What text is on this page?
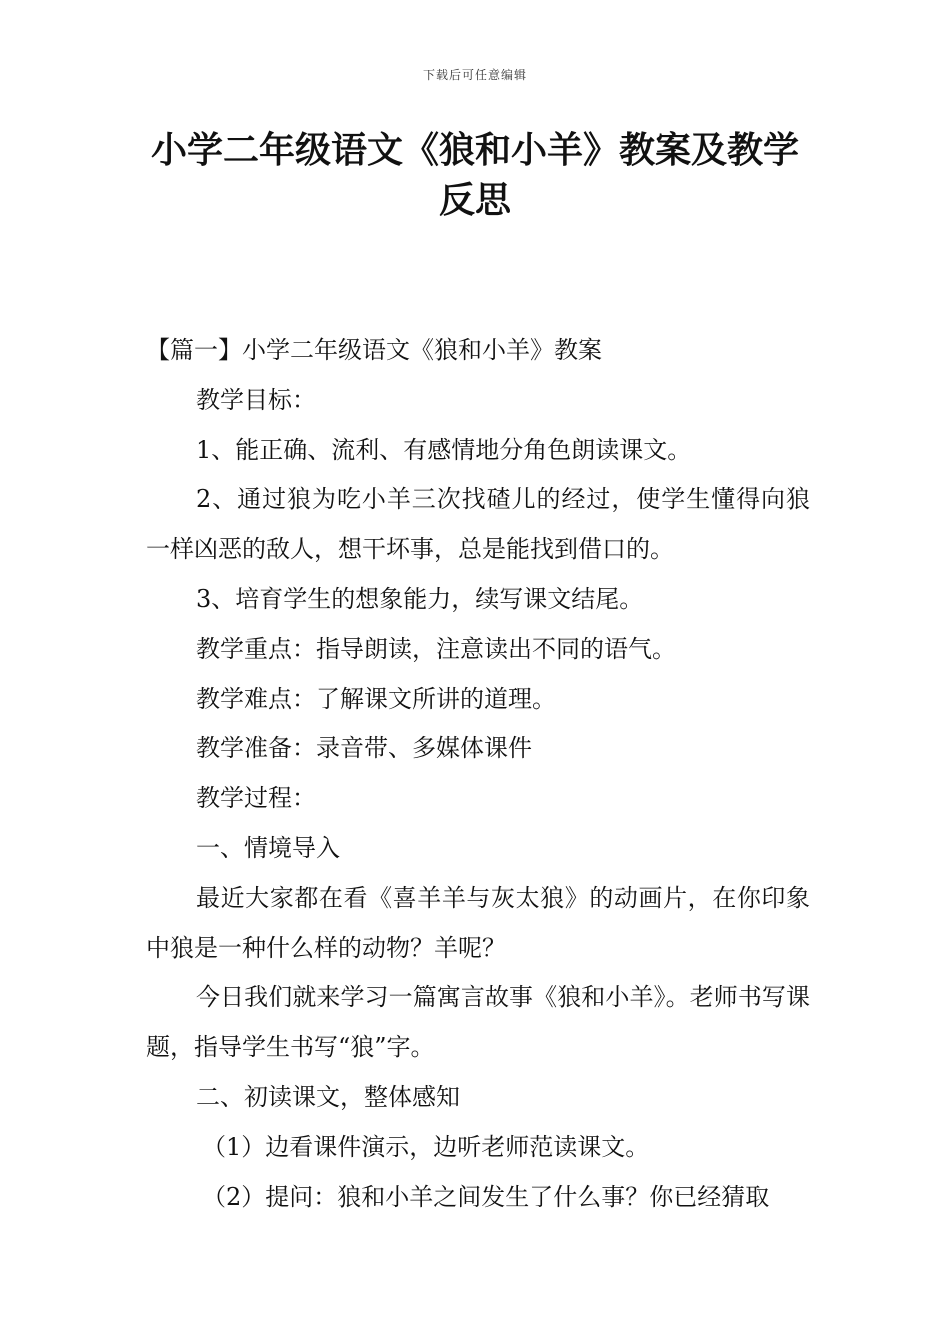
下载后可任意编辑
小学二年级语文《狼和小羊》教案及教学
反思

【篇一】小学二年级语文《狼和小羊》教案

教学目标：

1、能正确、流利、有感情地分角色朗读课文。

2、通过狼为吃小羊三次找碴儿的经过，使学生懂得向狼一样凶恶的敌人，想干坏事，总是能找到借口的。

3、培育学生的想象能力，续写课文结尾。

教学重点：指导朗读，注意读出不同的语气。

教学难点：了解课文所讲的道理。

教学准备：录音带、多媒体课件

教学过程：

一、情境导入

最近大家都在看《喜羊羊与灰太狼》的动画片，在你印象中狼是一种什么样的动物？羊呢？

今日我们就来学习一篇寓言故事《狼和小羊》。老师书写课题，指导学生书写“狼”字。

二、初读课文，整体感知

（1）边看课件演示，边听老师范读课文。

（2）提问：狼和小羊之间发生了什么事？你已经猜取
